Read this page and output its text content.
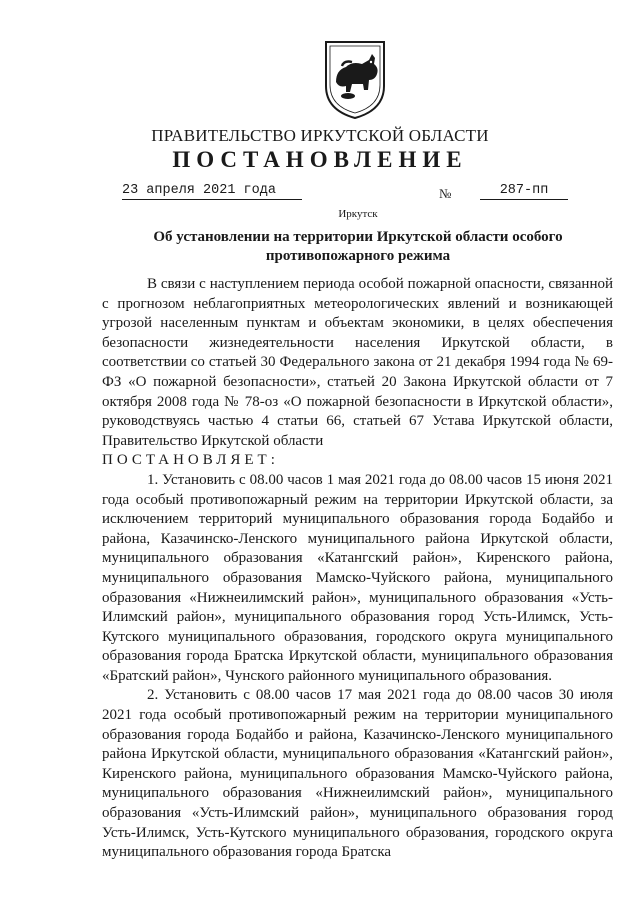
ПРАВИТЕЛЬСТВО ИРКУТСКОЙ ОБЛАСТИ
ПОСТАНОВЛЕНИЕ
23 апреля 2021 года	№	287-пп
Иркутск
Об установлении на территории Иркутской области особого противопожарного режима

В связи с наступлением периода особой пожарной опасности, связанной с прогнозом неблагоприятных метеорологических явлений и возникающей угрозой населенным пунктам и объектам экономики, в целях обеспечения безопасности жизнедеятельности населения Иркутской области, в соответствии со статьей 30 Федерального закона от 21 декабря 1994 года № 69-ФЗ «О пожарной безопасности», статьей 20 Закона Иркутской области от 7 октября 2008 года № 78-оз «О пожарной безопасности в Иркутской области», руководствуясь частью 4 статьи 66, статьей 67 Устава Иркутской области, Правительство Иркутской области

ПОСТАНОВЛЯЕТ:

1. Установить с 08.00 часов 1 мая 2021 года до 08.00 часов 15 июня 2021 года особый противопожарный режим на территории Иркутской области, за исключением территорий муниципального образования города Бодайбо и района, Казачинско-Ленского муниципального района Иркутской области, муниципального образования «Катангский район», Киренского района, муниципального образования Мамско-Чуйского района, муниципального образования «Нижнеилимский район», муниципального образования «Усть-Илимский район», муниципального образования город Усть-Илимск, Усть-Кутского муниципального образования, городского округа муниципального образования города Братска Иркутской области, муниципального образования «Братский район», Чунского районного муниципального образования.

2. Установить с 08.00 часов 17 мая 2021 года до 08.00 часов 30 июля 2021 года особый противопожарный режим на территории муниципального образования города Бодайбо и района, Казачинско-Ленского муниципального района Иркутской области, муниципального образования «Катангский район», Киренского района, муниципального образования Мамско-Чуйского района, муниципального образования «Нижнеилимский район», муниципального образования «Усть-Илимский район», муниципального образования город Усть-Илимск, Усть-Кутского муниципального образования, городского округа муниципального образования города Братска
